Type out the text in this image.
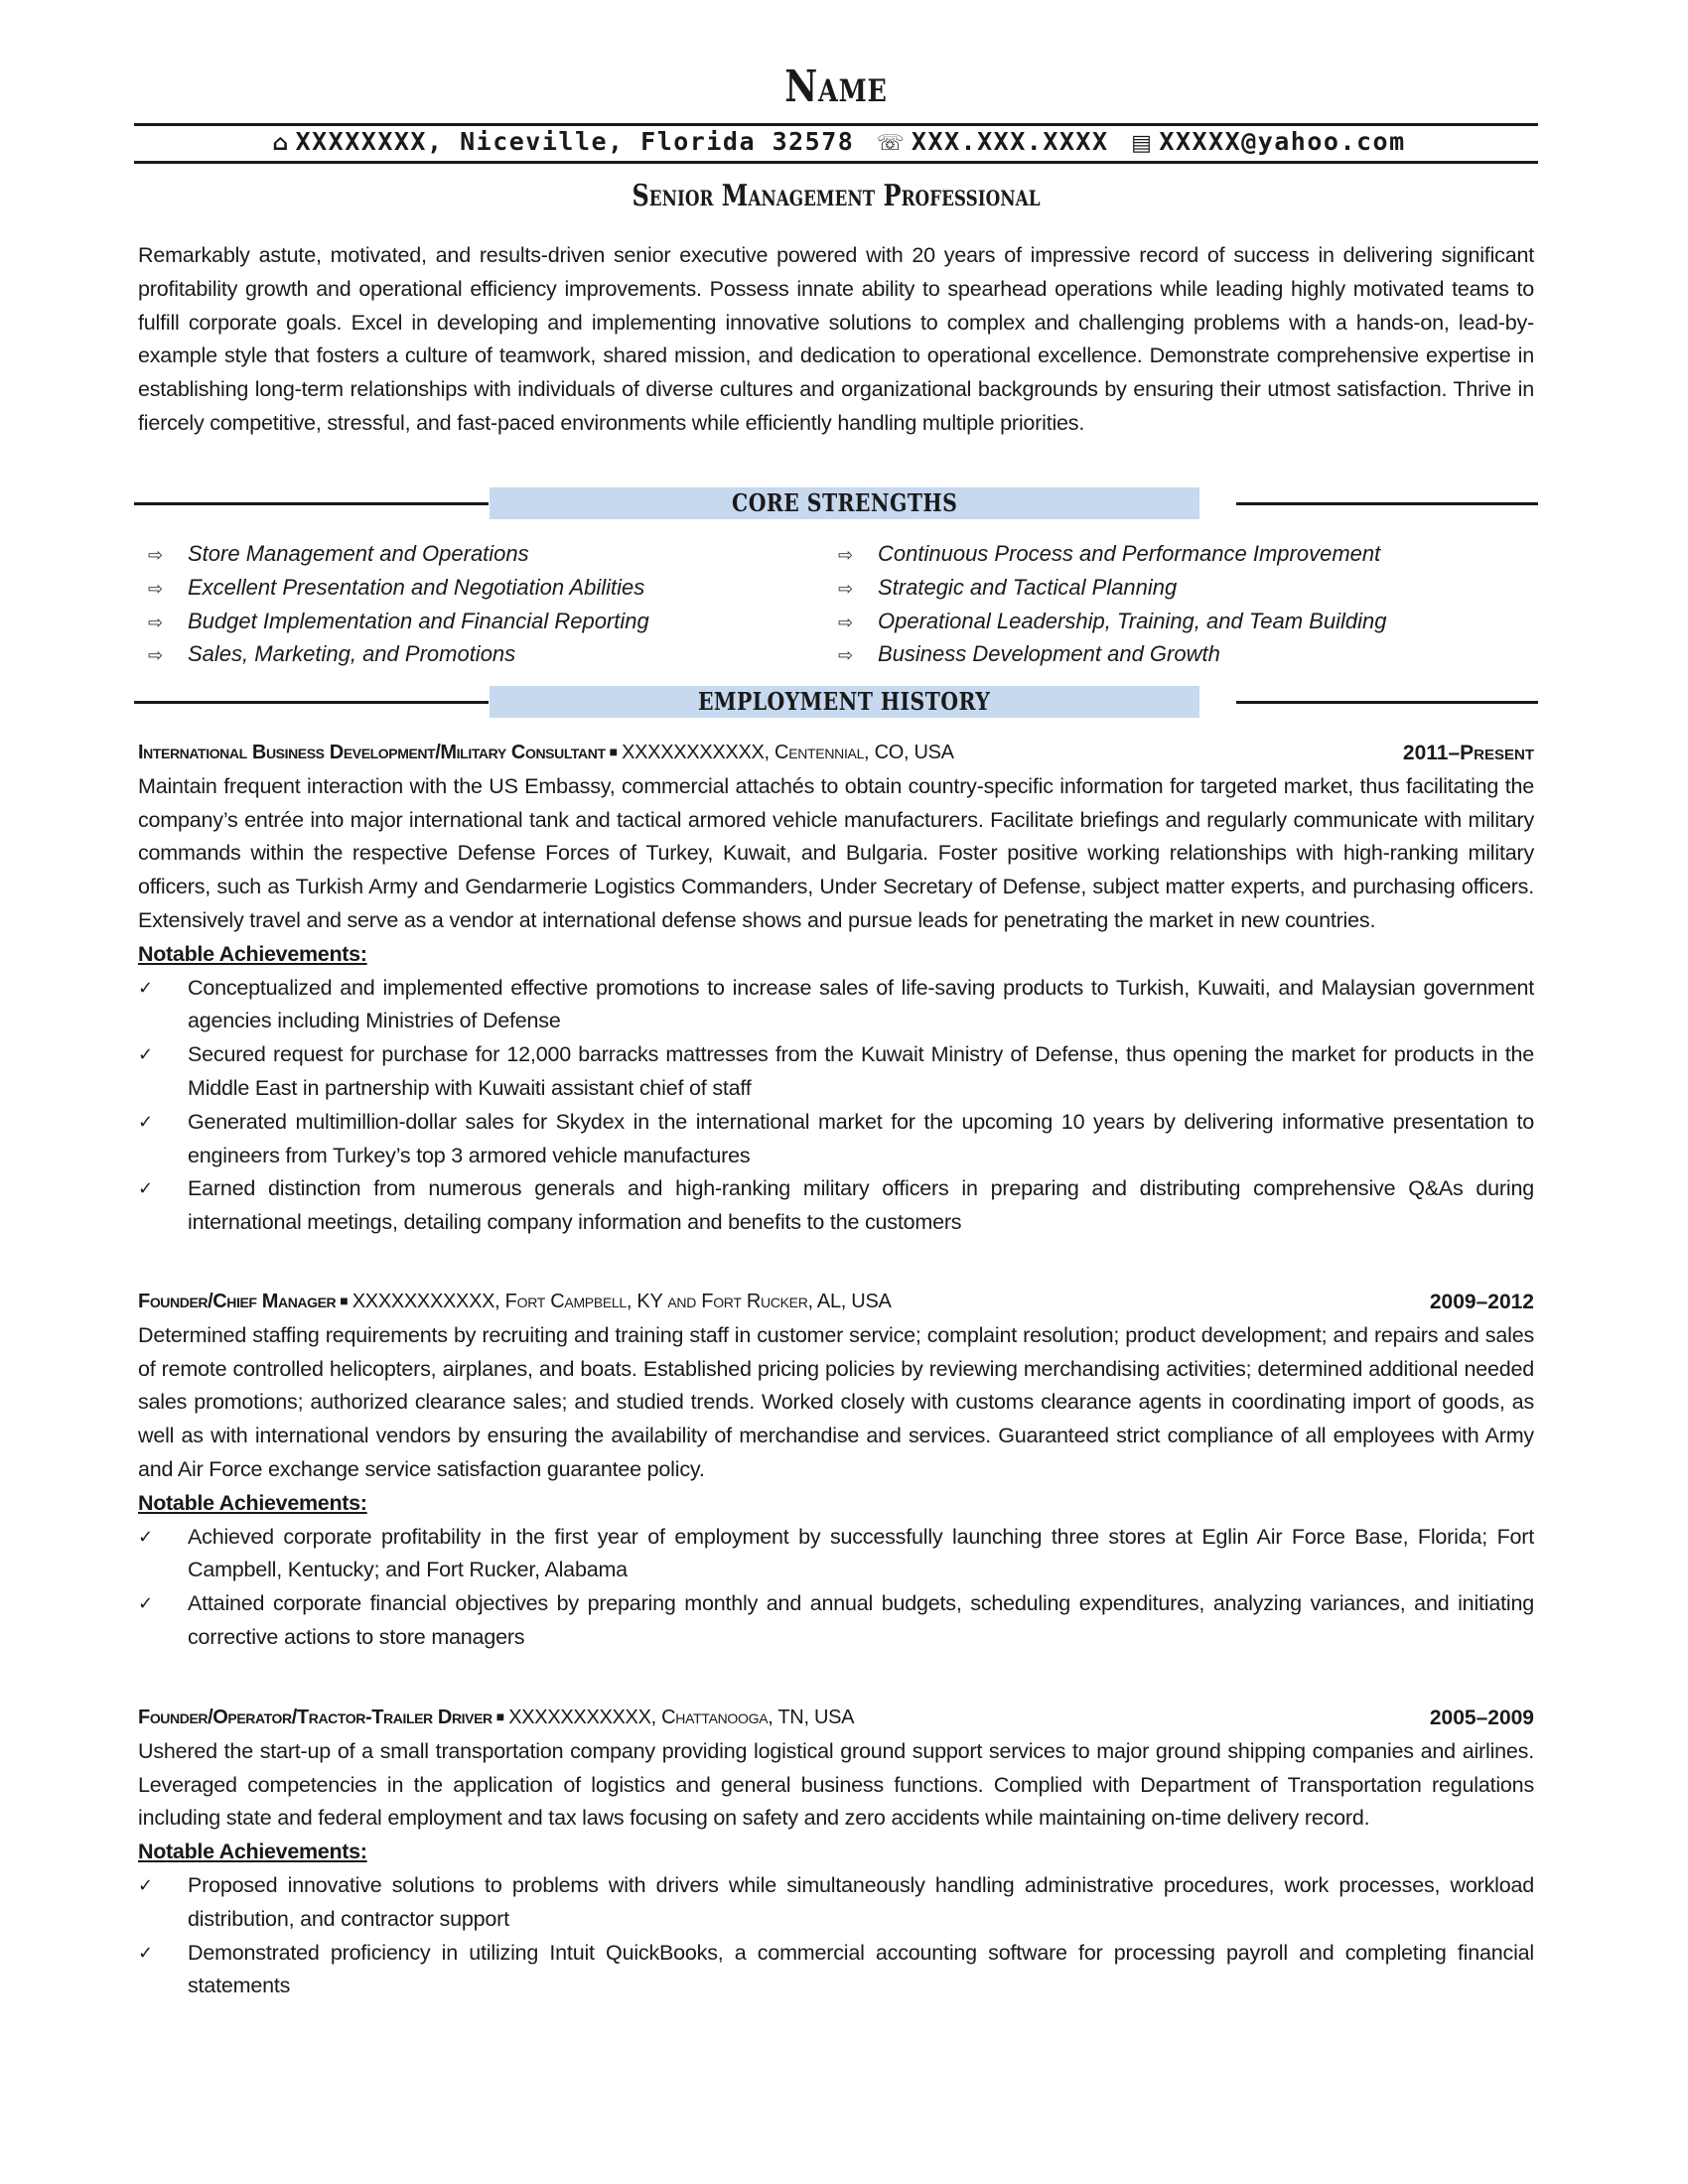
Name
⌂ XXXXXXXX, Niceville, Florida 32578 ☏ XXX.XXX.XXXX ▤ XXXXX@yahoo.com
Senior Management Professional
Remarkably astute, motivated, and results-driven senior executive powered with 20 years of impressive record of success in delivering significant profitability growth and operational efficiency improvements. Possess innate ability to spearhead operations while leading highly motivated teams to fulfill corporate goals. Excel in developing and implementing innovative solutions to complex and challenging problems with a hands-on, lead-by-example style that fosters a culture of teamwork, shared mission, and dedication to operational excellence. Demonstrate comprehensive expertise in establishing long-term relationships with individuals of diverse cultures and organizational backgrounds by ensuring their utmost satisfaction. Thrive in fiercely competitive, stressful, and fast-paced environments while efficiently handling multiple priorities.
CORE STRENGTHS
⇨ Store Management and Operations
⇨ Excellent Presentation and Negotiation Abilities
⇨ Budget Implementation and Financial Reporting
⇨ Sales, Marketing, and Promotions
⇨ Continuous Process and Performance Improvement
⇨ Strategic and Tactical Planning
⇨ Operational Leadership, Training, and Team Building
⇨ Business Development and Growth
EMPLOYMENT HISTORY
International Business Development/Military Consultant ■ XXXXXXXXXXX, Centennial, CO, USA	2011–Present
Maintain frequent interaction with the US Embassy, commercial attachés to obtain country-specific information for targeted market, thus facilitating the company’s entrée into major international tank and tactical armored vehicle manufacturers. Facilitate briefings and regularly communicate with military commands within the respective Defense Forces of Turkey, Kuwait, and Bulgaria. Foster positive working relationships with high-ranking military officers, such as Turkish Army and Gendarmerie Logistics Commanders, Under Secretary of Defense, subject matter experts, and purchasing officers. Extensively travel and serve as a vendor at international defense shows and pursue leads for penetrating the market in new countries.
Notable Achievements:
✓ Conceptualized and implemented effective promotions to increase sales of life-saving products to Turkish, Kuwaiti, and Malaysian government agencies including Ministries of Defense
✓ Secured request for purchase for 12,000 barracks mattresses from the Kuwait Ministry of Defense, thus opening the market for products in the Middle East in partnership with Kuwaiti assistant chief of staff
✓ Generated multimillion-dollar sales for Skydex in the international market for the upcoming 10 years by delivering informative presentation to engineers from Turkey’s top 3 armored vehicle manufactures
✓ Earned distinction from numerous generals and high-ranking military officers in preparing and distributing comprehensive Q&As during international meetings, detailing company information and benefits to the customers
Founder/Chief Manager ■ XXXXXXXXXXX, Fort Campbell, KY and Fort Rucker, AL, USA	2009–2012
Determined staffing requirements by recruiting and training staff in customer service; complaint resolution; product development; and repairs and sales of remote controlled helicopters, airplanes, and boats. Established pricing policies by reviewing merchandising activities; determined additional needed sales promotions; authorized clearance sales; and studied trends. Worked closely with customs clearance agents in coordinating import of goods, as well as with international vendors by ensuring the availability of merchandise and services. Guaranteed strict compliance of all employees with Army and Air Force exchange service satisfaction guarantee policy.
Notable Achievements:
✓ Achieved corporate profitability in the first year of employment by successfully launching three stores at Eglin Air Force Base, Florida; Fort Campbell, Kentucky; and Fort Rucker, Alabama
✓ Attained corporate financial objectives by preparing monthly and annual budgets, scheduling expenditures, analyzing variances, and initiating corrective actions to store managers
Founder/Operator/Tractor-Trailer Driver ■ XXXXXXXXXXX, Chattanooga, TN, USA	2005–2009
Ushered the start-up of a small transportation company providing logistical ground support services to major ground shipping companies and airlines. Leveraged competencies in the application of logistics and general business functions. Complied with Department of Transportation regulations including state and federal employment and tax laws focusing on safety and zero accidents while maintaining on-time delivery record.
Notable Achievements:
✓ Proposed innovative solutions to problems with drivers while simultaneously handling administrative procedures, work processes, workload distribution, and contractor support
✓ Demonstrated proficiency in utilizing Intuit QuickBooks, a commercial accounting software for processing payroll and completing financial statements
